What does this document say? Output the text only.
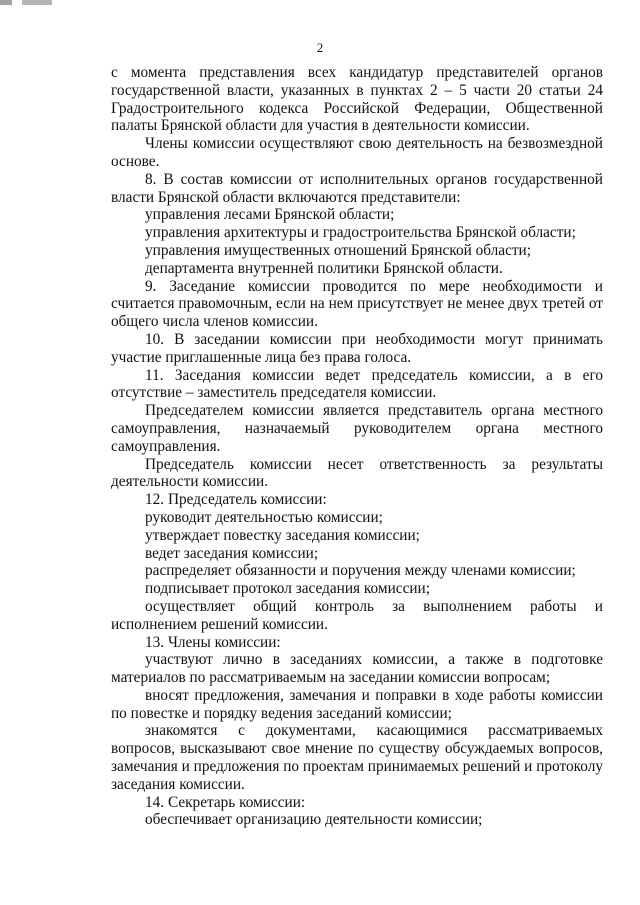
2

с момента представления всех кандидатур представителей органов государственной власти, указанных в пунктах 2 – 5 части 20 статьи 24 Градостроительного кодекса Российской Федерации, Общественной палаты Брянской области для участия в деятельности комиссии.

Члены комиссии осуществляют свою деятельность на безвозмездной основе.

8. В состав комиссии от исполнительных органов государственной власти Брянской области включаются представители:

управления лесами Брянской области;

управления архитектуры и градостроительства Брянской области;

управления имущественных отношений Брянской области;

департамента внутренней политики Брянской области.

9. Заседание комиссии проводится по мере необходимости и считается правомочным, если на нем присутствует не менее двух третей от общего числа членов комиссии.

10. В заседании комиссии при необходимости могут принимать участие приглашенные лица без права голоса.

11. Заседания комиссии ведет председатель комиссии, а в его отсутствие – заместитель председателя комиссии.

Председателем комиссии является представитель органа местного самоуправления, назначаемый руководителем органа местного самоуправления.

Председатель комиссии несет ответственность за результаты деятельности комиссии.

12. Председатель комиссии:

руководит деятельностью комиссии;

утверждает повестку заседания комиссии;

ведет заседания комиссии;

распределяет обязанности и поручения между членами комиссии;

подписывает протокол заседания комиссии;

осуществляет общий контроль за выполнением работы и исполнением решений комиссии.

13. Члены комиссии:

участвуют лично в заседаниях комиссии, а также в подготовке материалов по рассматриваемым на заседании комиссии вопросам;

вносят предложения, замечания и поправки в ходе работы комиссии по повестке и порядку ведения заседаний комиссии;

знакомятся с документами, касающимися рассматриваемых вопросов, высказывают свое мнение по существу обсуждаемых вопросов, замечания и предложения по проектам принимаемых решений и протоколу заседания комиссии.

14. Секретарь комиссии:

обеспечивает организацию деятельности комиссии;
